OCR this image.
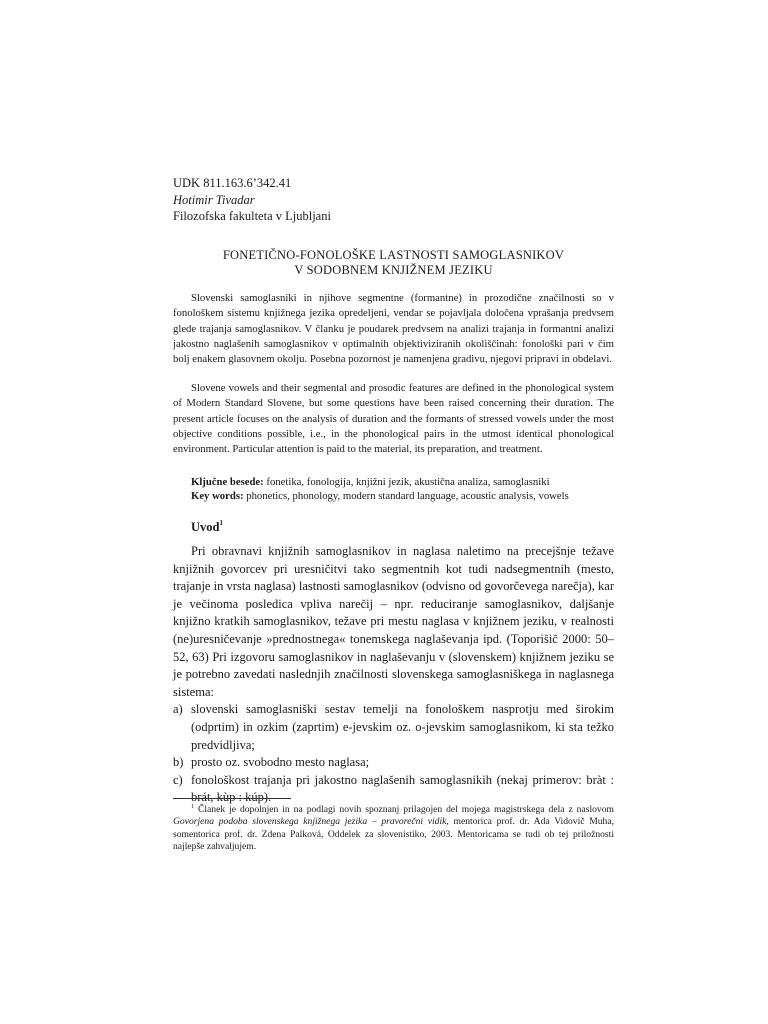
UDK 811.163.6’342.41
Hotimir Tivadar
Filozofska fakulteta v Ljubljani
FONETIČNO-FONOLOŠKE LASTNOSTI SAMOGLASNIKOV
V SODOBNEM KNJIŽNEM JEZIKU
Slovenski samoglasniki in njihove segmentne (formantne) in prozodične značilnosti so v fonološkem sistemu knjižnega jezika opredeljeni, vendar se pojavljala določena vprašanja predvsem glede trajanja samoglasnikov. V članku je poudarek predvsem na analizi trajanja in formantni analizi jakostno naglašenih samoglasnikov v optimalnih objektiviziranih okoliščinah: fonološki pari v čim bolj enakem glasovnem okolju. Posebna pozornost je namenjena gradivu, njegovi pripravi in obdelavi.
Slovene vowels and their segmental and prosodic features are defined in the phonological system of Modern Standard Slovene, but some questions have been raised concerning their duration. The present article focuses on the analysis of duration and the formants of stressed vowels under the most objective conditions possible, i.e., in the phonological pairs in the utmost identical phonological environment. Particular attention is paid to the material, its preparation, and treatment.
Ključne besede: fonetika, fonologija, knjižni jezik, akustična analiza, samoglasniki
Key words: phonetics, phonology, modern standard language, acoustic analysis, vowels
Uvod$^1$

Pri obravnavi knjižnih samoglasnikov in naglasa naletimo na precejšnje težave knjižnih govorcev pri uresničitvi tako segmentnih kot tudi nadsegmentnih (mesto, trajanje in vrsta naglasa) lastnosti samoglasnikov (odvisno od govorčevega narečja), kar je večinoma posledica vpliva narečij – npr. reduciranje samoglasnikov, daljšanje knjižno kratkih samoglasnikov, težave pri mestu naglasa v knjižnem jeziku, v realnosti (ne)uresničevanje »prednostnega« tonemskega naglaševanja ipd. (Toporišič 2000: 50–52, 63) Pri izgovoru samoglasnikov in naglaševanju v (slovenskem) knjižnem jeziku se je potrebno zavedati naslednjih značilnosti slovenskega samoglasniškega in naglasnega sistema:

a) slovenski samoglasniški sestav temelji na fonološkem nasprotju med širokim (odprtim) in ozkim (zaprtim) e-jevskim oz. o-jevskim samoglasnikom, ki sta težko predvidljiva;
b) prosto oz. svobodno mesto naglasa;
c) fonološkost trajanja pri jakostno naglašenih samoglasnikih (nekaj primerov: bràt : brát, kùp : kúp).

$^1$ Članek je dopolnjen in na podlagi novih spoznanj prilagojen del mojega magistrskega dela z naslovom Govorjena podoba slovenskega knjižnega jezika – pravorečni vidik, mentorica prof. dr. Ada Vidovič Muha, somentorica prof. dr. Zdena Palková, Oddelek za slovenistiko, 2003. Mentoricama se tudi ob tej priložnosti najlepše zahvaljujem.
